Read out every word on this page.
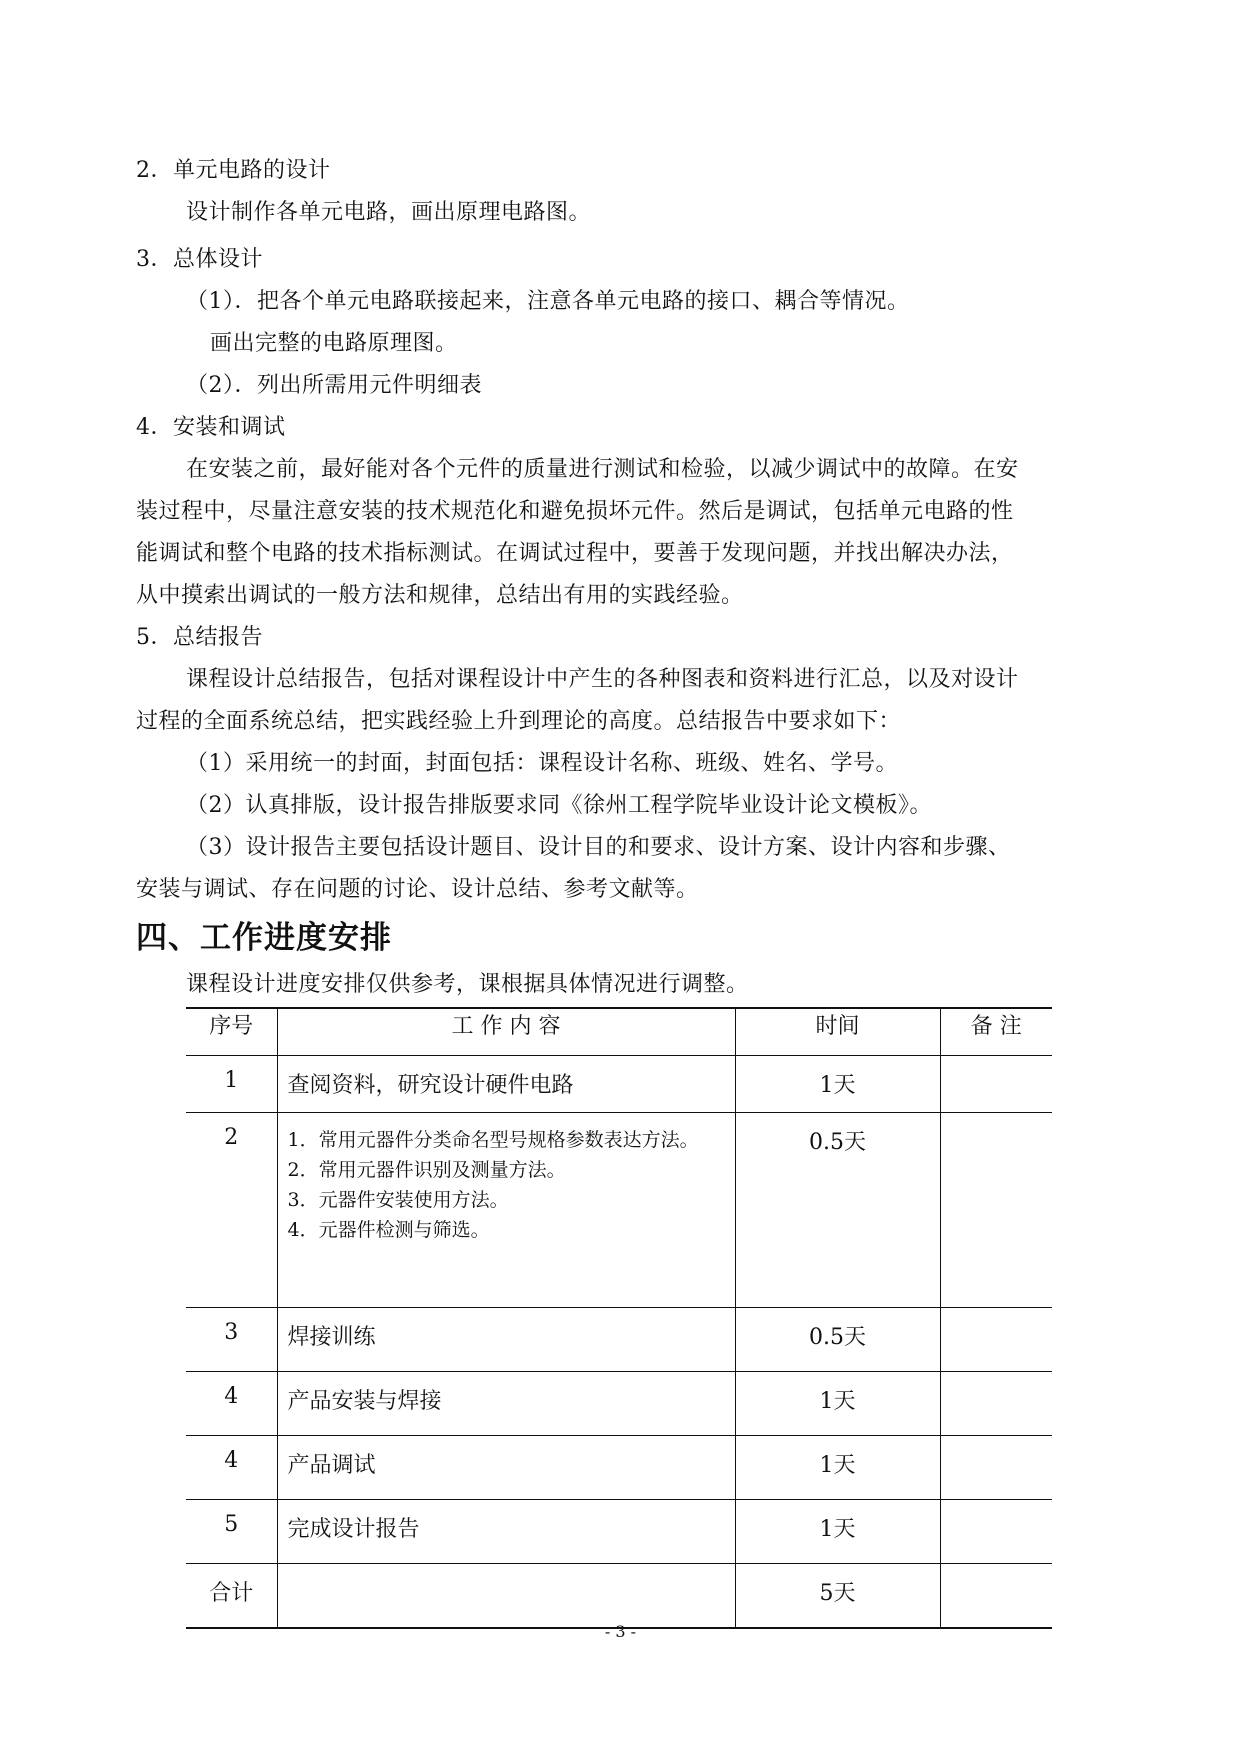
2．单元电路的设计
设计制作各单元电路，画出原理电路图。
3．总体设计
（1）．把各个单元电路联接起来，注意各单元电路的接口、耦合等情况。
画出完整的电路原理图。
（2）．列出所需用元件明细表
4．安装和调试
在安装之前，最好能对各个元件的质量进行测试和检验，以减少调试中的故障。在安
装过程中，尽量注意安装的技术规范化和避免损坏元件。然后是调试，包括单元电路的性
能调试和整个电路的技术指标测试。在调试过程中，要善于发现问题，并找出解决办法，
从中摸索出调试的一般方法和规律，总结出有用的实践经验。
5．总结报告
课程设计总结报告，包括对课程设计中产生的各种图表和资料进行汇总，以及对设计
过程的全面系统总结，把实践经验上升到理论的高度。总结报告中要求如下：
（1）采用统一的封面，封面包括：课程设计名称、班级、姓名、学号。
（2）认真排版，设计报告排版要求同《徐州工程学院毕业设计论文模板》。
（3）设计报告主要包括设计题目、设计目的和要求、设计方案、设计内容和步骤、
安装与调试、存在问题的讨论、设计总结、参考文献等。
四、工作进度安排
课程设计进度安排仅供参考，课根据具体情况进行调整。
序号	工 作 内 容	时间	备 注
1	查阅资料，研究设计硬件电路	1天	
2	1．常用元器件分类命名型号规格参数表达方法。
2．常用元器件识别及测量方法。
3．元器件安装使用方法。
4．元器件检测与筛选。	0.5天	
3	焊接训练	0.5天	
4	产品安装与焊接	1天	
4	产品调试	1天	
5	完成设计报告	1天	
合计		5天	
- 3 -
